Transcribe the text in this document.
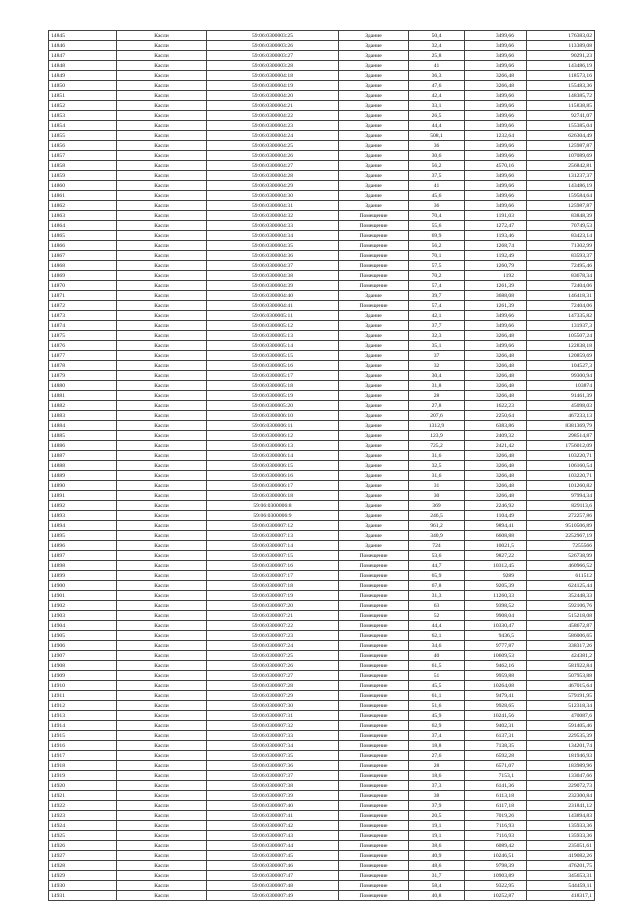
14845	Касли	59:06:0300003:25	Здание	50,4	3499,66	176383,02
14846	Касли	59:06:0300003:26	Здание	32,4	3499,66	113389,08
14847	Касли	59:06:0300003:27	Здание	25,8	3499,66	90291,23
14848	Касли	59:06:0300003:28	Здание	41	3499,66	143486,19
14849	Касли	59:06:0300004:18	Здание	36,3	3266,48	118573,16
14850	Касли	59:06:0300004:19	Здание	47,6	3266,48	155483,36
14851	Касли	59:06:0300004:20	Здание	42,4	3499,66	148385,72
14852	Касли	59:06:0300004:21	Здание	33,1	3499,66	115838,85
14853	Касли	59:06:0300004:22	Здание	26,5	3499,66	92741,07
14854	Касли	59:06:0300004:23	Здание	44,4	3499,66	155385,04
14855	Касли	59:06:0300004:24	Здание	508,1	1232,64	626304,49
14856	Касли	59:06:0300004:25	Здание	36	3499,66	125987,87
14857	Касли	59:06:0300004:26	Здание	30,6	3499,66	107089,69
14858	Касли	59:06:0300004:27	Здание	56,2	4570,16	256842,81
14859	Касли	59:06:0300004:28	Здание	37,5	3499,66	131237,37
14860	Касли	59:06:0300004:29	Здание	41	3499,66	143486,19
14861	Касли	59:06:0300004:30	Здание	45,6	3499,66	159584,64
14862	Касли	59:06:0300004:31	Здание	36	3499,66	125987,87
14863	Касли	59:06:0300004:32	Помещение	70,4	1191,03	83848,39
14864	Касли	59:06:0300004:33	Помещение	55,6	1272,47	70749,53
14865	Касли	59:06:0300004:34	Помещение	69,9	1193,46	83423,14
14866	Касли	59:06:0300004:35	Помещение	56,2	1268,74	71302,99
14867	Касли	59:06:0300004:36	Помещение	70,1	1192,49	83593,37
14868	Касли	59:06:0300004:37	Помещение	57,5	1260,79	72495,46
14869	Касли	59:06:0300004:38	Помещение	70,2	1192	83678,34
14870	Касли	59:06:0300004:39	Помещение	57,4	1261,39	72404,06
14871	Касли	59:06:0300004:40	Здание	39,7	3688,08	146418,31
14872	Касли	59:06:0300004:41	Помещение	57,4	1261,39	72404,06
14873	Касли	59:06:0300005:11	Здание	42,1	3499,66	147335,82
14874	Касли	59:06:0300005:12	Здание	37,7	3499,66	131937,3
14875	Касли	59:06:0300005:13	Здание	32,3	3266,48	105507,24
14876	Касли	59:06:0300005:14	Здание	35,1	3499,66	122838,18
14877	Касли	59:06:0300005:15	Здание	37	3266,48	120859,69
14878	Касли	59:06:0300005:16	Здание	32	3266,48	104527,3
14879	Касли	59:06:0300005:17	Здание	30,4	3266,48	99300,94
14880	Касли	59:06:0300005:18	Здание	31,8	3266,48	103874
14881	Касли	59:06:0300005:19	Здание	28	3266,48	91461,39
14882	Касли	59:06:0300005:20	Здание	27,8	1622,23	45098,03
14883	Касли	59:06:0300006:10	Здание	207,6	2250,64	467233,13
14884	Касли	59:06:0300006:11	Здание	1312,9	6383,86	8381369,79
14885	Касли	59:06:0300006:12	Здание	123,9	2409,32	298514,87
14886	Касли	59:06:0300006:13	Здание	725,2	2421,42	1756012,09
14887	Касли	59:06:0300006:14	Здание	31,6	3266,48	103220,71
14888	Касли	59:06:0300006:15	Здание	32,5	3266,48	106160,54
14889	Касли	59:06:0300006:16	Здание	31,6	3266,48	103220,71
14890	Касли	59:06:0300006:17	Здание	31	3266,48	101260,82
14891	Касли	59:06:0300006:18	Здание	30	3266,48	97994,34
14892	Касли	59:06:0300006:8	Здание	369	2246,92	829113,6
14893	Касли	59:06:0300006:9	Здание	246,5	1104,49	272257,86
14894	Касли	59:06:0300007:12	Здание	961,2	9894,41	9510506,89
14895	Касли	59:06:0300007:13	Здание	340,9	6608,88	2252967,19
14896	Касли	59:06:0300007:14	Здание	724	10021,5	7255566
14897	Касли	59:06:0300007:15	Помещение	53,6	9827,22	526738,99
14898	Касли	59:06:0300007:16	Помещение	44,7	10312,45	460966,52
14899	Касли	59:06:0300007:17	Помещение	65,9	9289	611512
14900	Касли	59:06:0300007:18	Помещение	67,8	9205,39	624125,44
14901	Касли	59:06:0300007:19	Помещение	31,3	11260,33	352448,33
14902	Касли	59:06:0300007:20	Помещение	63	9398,52	592106,76
14903	Касли	59:06:0300007:21	Помещение	52	9908,04	515218,08
14904	Касли	59:06:0300007:22	Помещение	44,4	10330,47	458672,87
14905	Касли	59:06:0300007:23	Помещение	62,1	9436,5	586006,65
14906	Касли	59:06:0300007:24	Помещение	34,6	9777,87	338317,26
14907	Касли	59:06:0300007:25	Помещение	40	10609,53	424381,2
14908	Касли	59:06:0300007:26	Помещение	61,5	9462,16	581922,84
14909	Касли	59:06:0300007:27	Помещение	51	9959,88	507953,88
14910	Касли	59:06:0300007:28	Помещение	45,5	10264,08	467015,64
14911	Касли	59:06:0300007:29	Помещение	61,1	9479,41	579191,95
14912	Касли	59:06:0300007:30	Помещение	51,6	9928,65	512318,34
14913	Касли	59:06:0300007:31	Помещение	45,9	10241,56	470087,6
14914	Касли	59:06:0300007:32	Помещение	62,9	9402,31	591405,46
14915	Касли	59:06:0300007:33	Помещение	37,4	6137,31	229535,39
14916	Касли	59:06:0300007:34	Помещение	18,8	7138,35	134201,74
14917	Касли	59:06:0300007:35	Помещение	27,6	6592,28	181946,93
14918	Касли	59:06:0300007:36	Помещение	28	6571,07	183989,96
14919	Касли	59:06:0300007:37	Помещение	18,6	7153,1	133047,66
14920	Касли	59:06:0300007:38	Помещение	37,3	6141,36	229072,73
14921	Касли	59:06:0300007:39	Помещение	38	6113,18	232300,84
14922	Касли	59:06:0300007:40	Помещение	37,9	6117,18	231841,12
14923	Касли	59:06:0300007:41	Помещение	20,5	7019,26	143894,83
14924	Касли	59:06:0300007:42	Помещение	19,1	7116,93	135933,36
14925	Касли	59:06:0300007:43	Помещение	19,1	7116,93	135933,36
14926	Касли	59:06:0300007:44	Помещение	38,6	6089,42	235051,61
14927	Касли	59:06:0300007:45	Помещение	40,9	10246,51	419082,26
14928	Касли	59:06:0300007:46	Помещение	48,6	9798,39	476201,75
14929	Касли	59:06:0300007:47	Помещение	31,7	10903,89	345653,31
14930	Касли	59:06:0300007:48	Помещение	58,4	9322,95	544459,11
14931	Касли	59:06:0300007:49	Помещение	40,8	10252,87	418317,1
